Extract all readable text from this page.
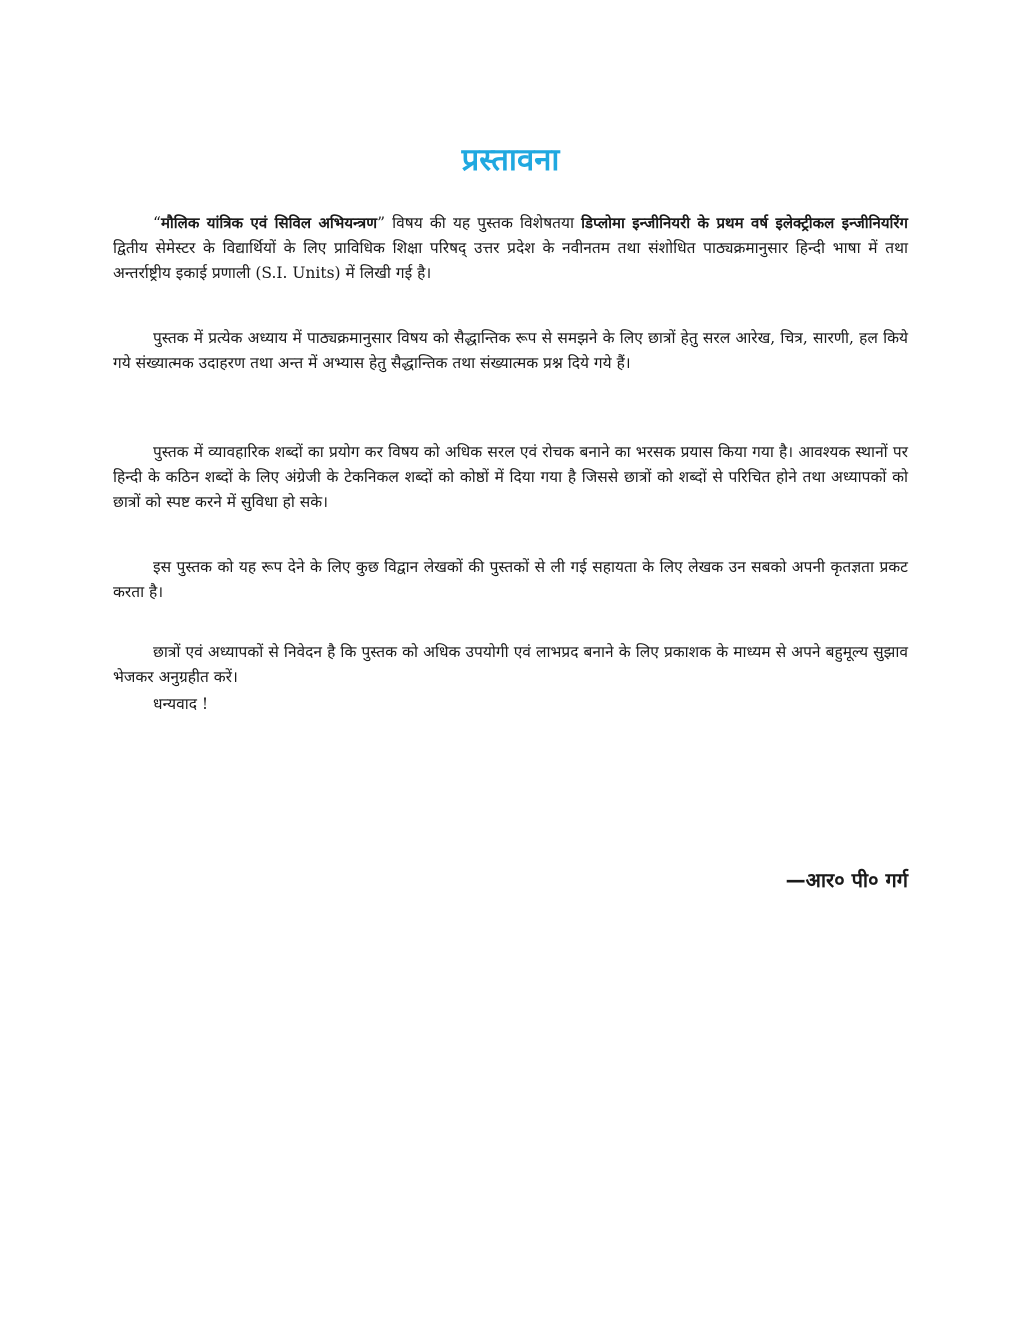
प्रस्तावना

“मौलिक यांत्रिक एवं सिविल अभियन्त्रण” विषय की यह पुस्तक विशेषतया डिप्लोमा इन्जीनियरी के प्रथम वर्ष इलेक्ट्रीकल इन्जीनियरिंग द्वितीय सेमेस्टर के विद्यार्थियों के लिए प्राविधिक शिक्षा परिषद् उत्तर प्रदेश के नवीनतम तथा संशोधित पाठ्यक्रमानुसार हिन्दी भाषा में तथा अन्तर्राष्ट्रीय इकाई प्रणाली (S.I. Units) में लिखी गई है।

पुस्तक में प्रत्येक अध्याय में पाठ्यक्रमानुसार विषय को सैद्धान्तिक रूप से समझने के लिए छात्रों हेतु सरल आरेख, चित्र, सारणी, हल किये गये संख्यात्मक उदाहरण तथा अन्त में अभ्यास हेतु सैद्धान्तिक तथा संख्यात्मक प्रश्न दिये गये हैं।

पुस्तक में व्यावहारिक शब्दों का प्रयोग कर विषय को अधिक सरल एवं रोचक बनाने का भरसक प्रयास किया गया है। आवश्यक स्थानों पर हिन्दी के कठिन शब्दों के लिए अंग्रेजी के टेकनिकल शब्दों को कोष्ठों में दिया गया है जिससे छात्रों को शब्दों से परिचित होने तथा अध्यापकों को छात्रों को स्पष्ट करने में सुविधा हो सके।

इस पुस्तक को यह रूप देने के लिए कुछ विद्वान लेखकों की पुस्तकों से ली गई सहायता के लिए लेखक उन सबको अपनी कृतज्ञता प्रकट करता है।

छात्रों एवं अध्यापकों से निवेदन है कि पुस्तक को अधिक उपयोगी एवं लाभप्रद बनाने के लिए प्रकाशक के माध्यम से अपने बहुमूल्य सुझाव भेजकर अनुग्रहीत करें।

धन्यवाद !

—आर० पी० गर्ग
